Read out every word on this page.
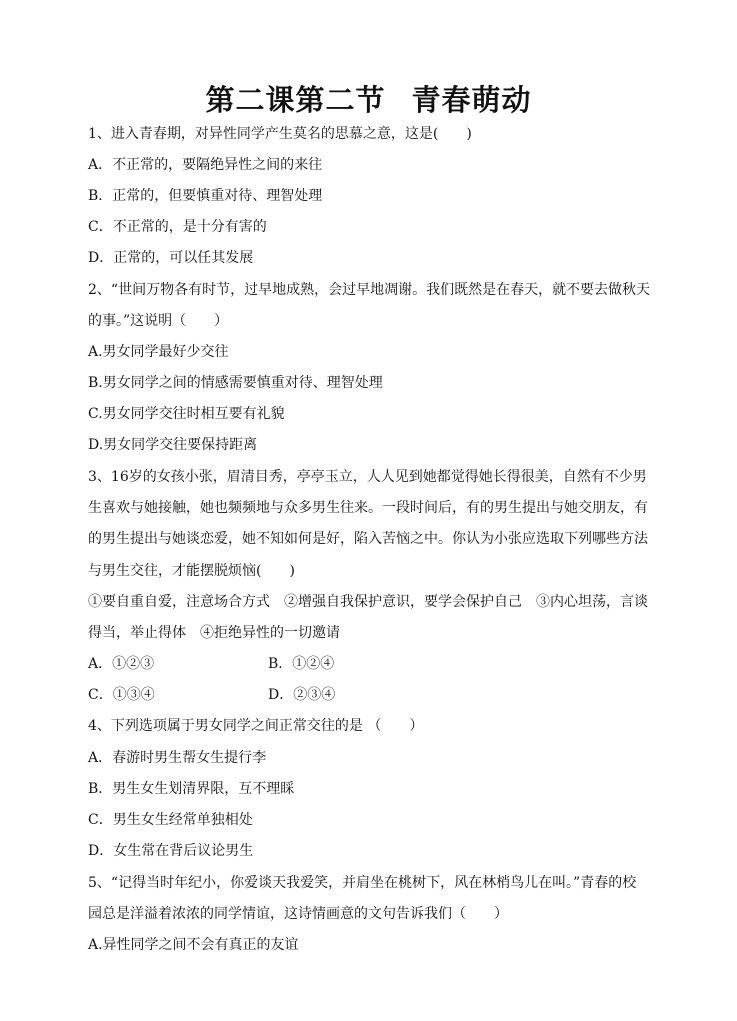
第二课第二节 青春萌动
1、进入青春期，对异性同学产生莫名的思慕之意，这是(　　)
A．不正常的，要隔绝异性之间的来往
B．正常的，但要慎重对待、理智处理
C．不正常的，是十分有害的
D．正常的，可以任其发展
2、“世间万物各有时节，过早地成熟，会过早地凋谢。我们既然是在春天，就不要去做秋天
的事。”这说明（　　）
A.男女同学最好少交往
B.男女同学之间的情感需要慎重对待、理智处理
C.男女同学交往时相互要有礼貌
D.男女同学交往要保持距离
3、16岁的女孩小张，眉清目秀，亭亭玉立，人人见到她都觉得她长得很美，自然有不少男
生喜欢与她接触，她也频频地与众多男生往来。一段时间后，有的男生提出与她交朋友，有
的男生提出与她谈恋爱，她不知如何是好，陷入苦恼之中。你认为小张应选取下列哪些方法
与男生交往，才能摆脱烦恼(　　)
①要自重自爱，注意场合方式　②增强自我保护意识，要学会保护自己　③内心坦荡，言谈
得当，举止得体　④拒绝异性的一切邀请
A．①②③	B．①②④
C．①③④	D．②③④
4、下列选项属于男女同学之间正常交往的是 （　　）
A．春游时男生帮女生提行李
B．男生女生划清界限，互不理睬
C．男生女生经常单独相处
D．女生常在背后议论男生
5、“记得当时年纪小，你爱谈天我爱笑，并肩坐在桃树下，风在林梢鸟儿在叫。”青春的校
园总是洋溢着浓浓的同学情谊，这诗情画意的文句告诉我们（　　）
A.异性同学之间不会有真正的友谊
